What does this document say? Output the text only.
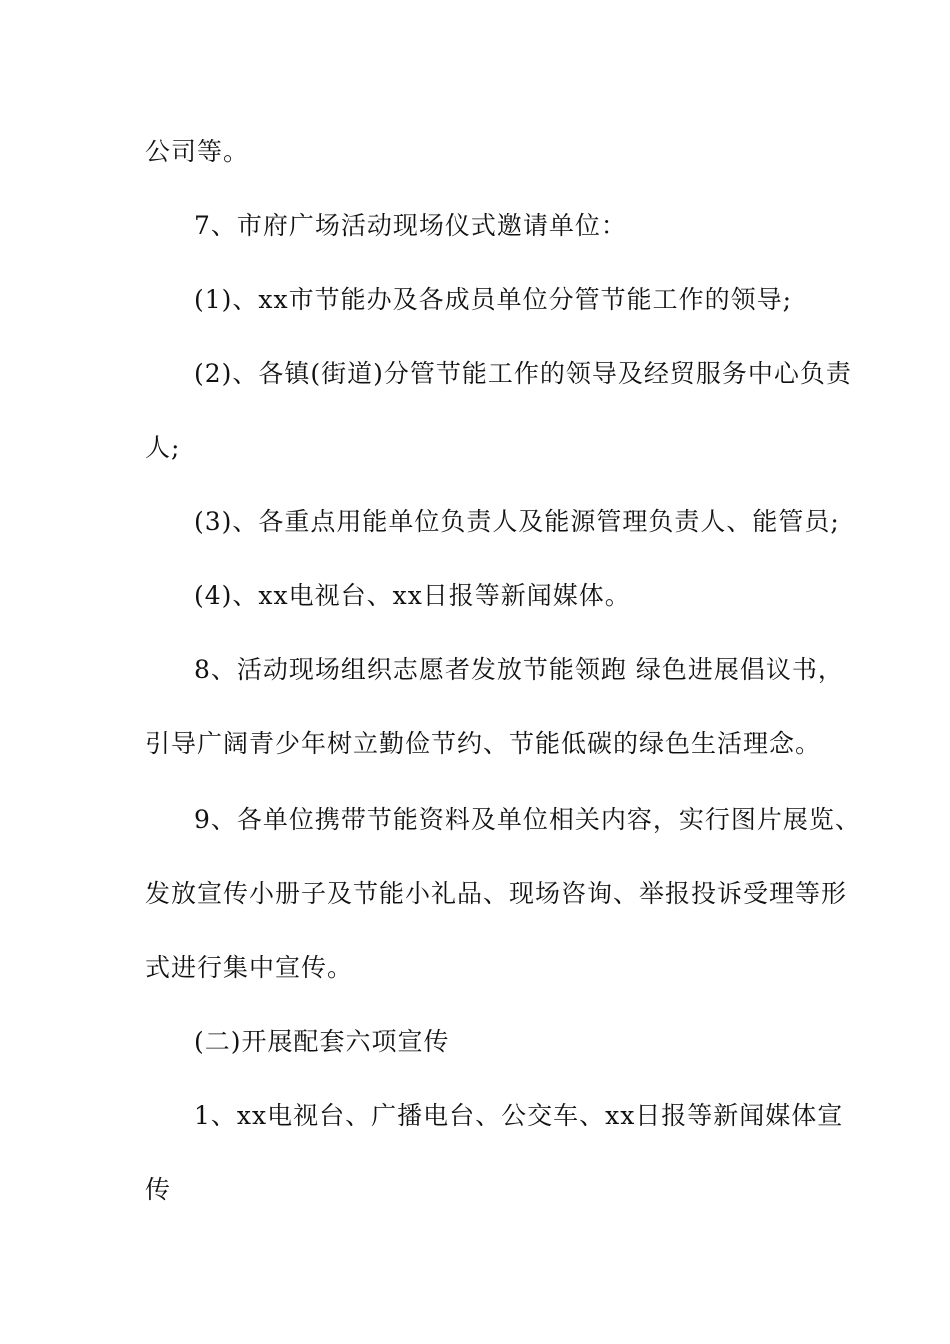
公司等。
7、市府广场活动现场仪式邀请单位：
(1)、xx市节能办及各成员单位分管节能工作的领导;
(2)、各镇(街道)分管节能工作的领导及经贸服务中心负责
人;
(3)、各重点用能单位负责人及能源管理负责人、能管员;
(4)、xx电视台、xx日报等新闻媒体。
8、活动现场组织志愿者发放节能领跑 绿色进展倡议书，
引导广阔青少年树立勤俭节约、节能低碳的绿色生活理念。
9、各单位携带节能资料及单位相关内容，实行图片展览、
发放宣传小册子及节能小礼品、现场咨询、举报投诉受理等形
式进行集中宣传。
(二)开展配套六项宣传
1、xx电视台、广播电台、公交车、xx日报等新闻媒体宣
传
